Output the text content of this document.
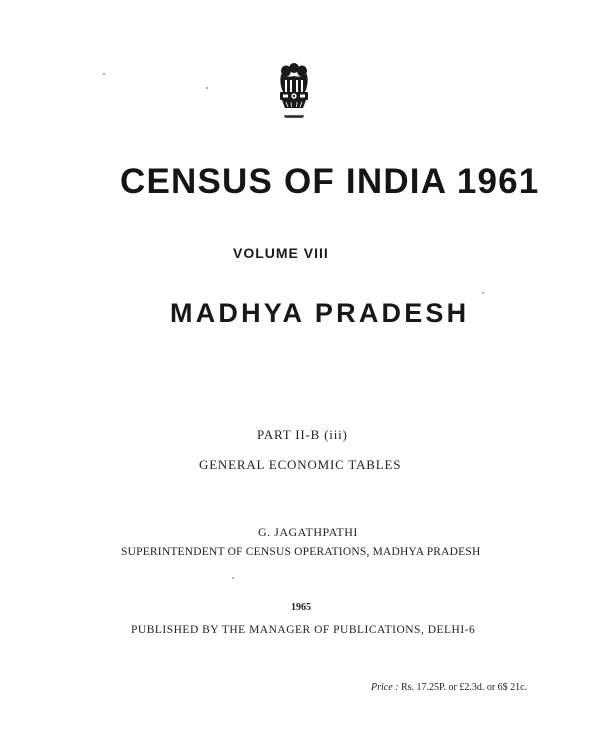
CENSUS OF INDIA 1961
VOLUME VIII
MADHYA PRADESH
PART II-B (iii)
GENERAL ECONOMIC TABLES
G. JAGATHPATHI
SUPERINTENDENT OF CENSUS OPERATIONS, MADHYA PRADESH
1965
PUBLISHED BY THE MANAGER OF PUBLICATIONS, DELHI-6
Price : Rs. 17.25P. or £2.3d. or 6$ 21c.
